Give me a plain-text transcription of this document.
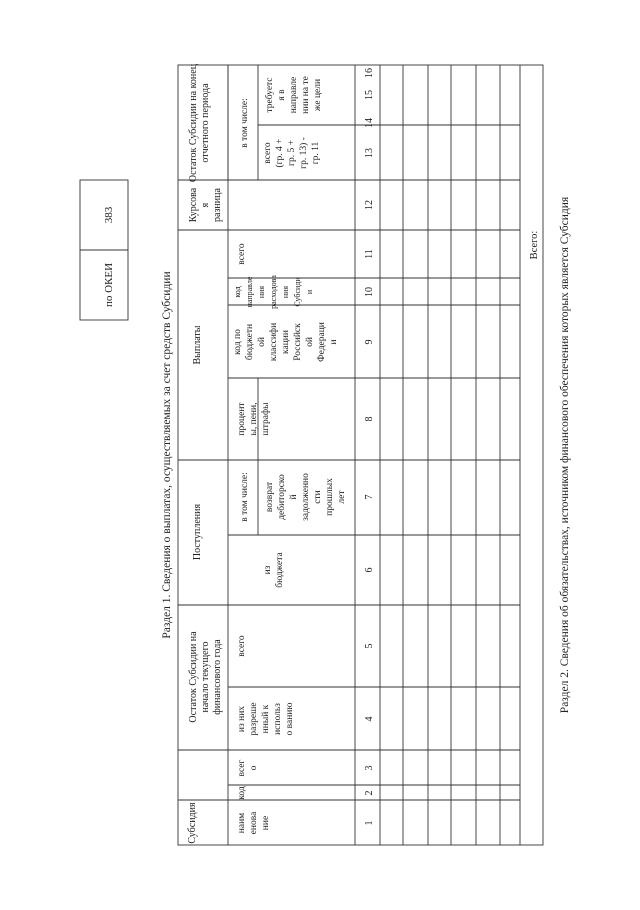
по ОКЕИ
383
Раздел 1. Сведения о выплатах, осуществляемых за счет средств Субсидии
Субсидия
Остаток Субсидии на начало текущего финансового года
Поступления
Выплаты
Курсова я разница
Остаток Субсидии на конец отчетного периода
наим енова ние
код
всег о
из них разреше нный к использ о ванию
всего
из бюджета
в том числе: возврат дебиторско й задолженно сти прошлых лет
процент ы, пени, штрафы
код по бюджетн ой классифи кации Российск ой Федераци и
код направле ния расходова ния Субсиди и
всего
всего (гр. 4 + гр. 5 + гр. 13) - гр. 11
в том числе:
требуетс я в направле нии на те же цели
1
2
3
4
5
6
7
8
9
10
11
12
13
14
15
16
Всего: Раздел 2. Сведения об обязательствах, источником финансового обеспечения которых является Субсидия
